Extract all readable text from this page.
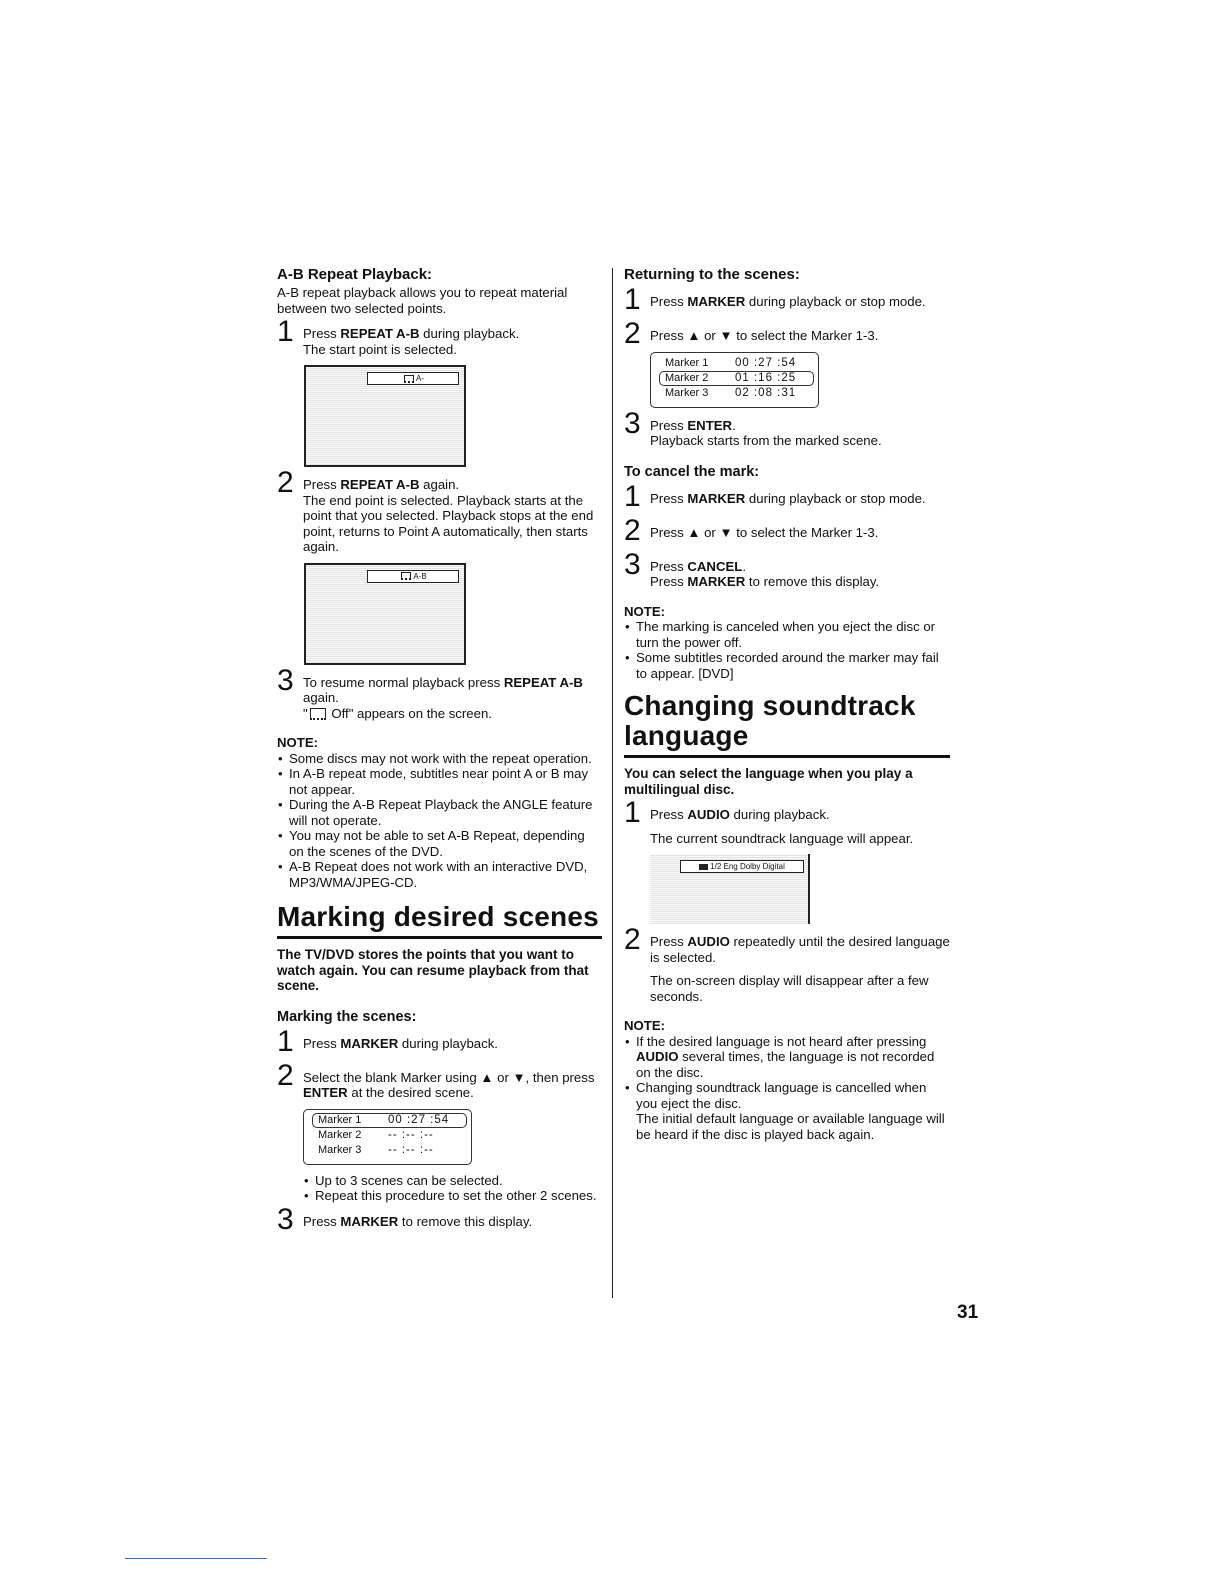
A-B Repeat Playback:

A-B repeat playback allows you to repeat material between two selected points.

1 Press REPEAT A-B during playback.
The start point is selected.
A-
2 Press REPEAT A-B again.
The end point is selected. Playback starts at the point that you selected. Playback stops at the end point, returns to Point A automatically, then starts again.
A-B
3 To resume normal playback press REPEAT A-B again.
" Off" appears on the screen.
NOTE:
• Some discs may not work with the repeat operation.
• In A-B repeat mode, subtitles near point A or B may not appear.
• During the A-B Repeat Playback the ANGLE feature will not operate.
• You may not be able to set A-B Repeat, depending on the scenes of the DVD.
• A-B Repeat does not work with an interactive DVD, MP3/WMA/JPEG-CD.
Marking desired scenes

The TV/DVD stores the points that you want to watch again. You can resume playback from that scene.

Marking the scenes:
1 Press MARKER during playback.
2 Select the blank Marker using ▲ or ▼, then press ENTER at the desired scene.
Marker 1	00 :27 :54
Marker 2	-- :-- :--
Marker 3	-- :-- :--
• Up to 3 scenes can be selected.
• Repeat this procedure to set the other 2 scenes.
3 Press MARKER to remove this display.
Returning to the scenes:
1 Press MARKER during playback or stop mode.
2 Press ▲ or ▼ to select the Marker 1-3.
Marker 1	00 :27 :54
Marker 2	01 :16 :25
Marker 3	02 :08 :31
3 Press ENTER.
Playback starts from the marked scene.
To cancel the mark:
1 Press MARKER during playback or stop mode.
2 Press ▲ or ▼ to select the Marker 1-3.
3 Press CANCEL.
Press MARKER to remove this display.
NOTE:
• The marking is canceled when you eject the disc or turn the power off.
• Some subtitles recorded around the marker may fail to appear. [DVD]
Changing soundtrack language

You can select the language when you play a multilingual disc.

1 Press AUDIO during playback.
The current soundtrack language will appear.
1/2 Eng Dolby Digital
2 Press AUDIO repeatedly until the desired language is selected.
The on-screen display will disappear after a few seconds.
NOTE:
• If the desired language is not heard after pressing AUDIO several times, the language is not recorded on the disc.
• Changing soundtrack language is cancelled when you eject the disc.
The initial default language or available language will be heard if the disc is played back again.
31
